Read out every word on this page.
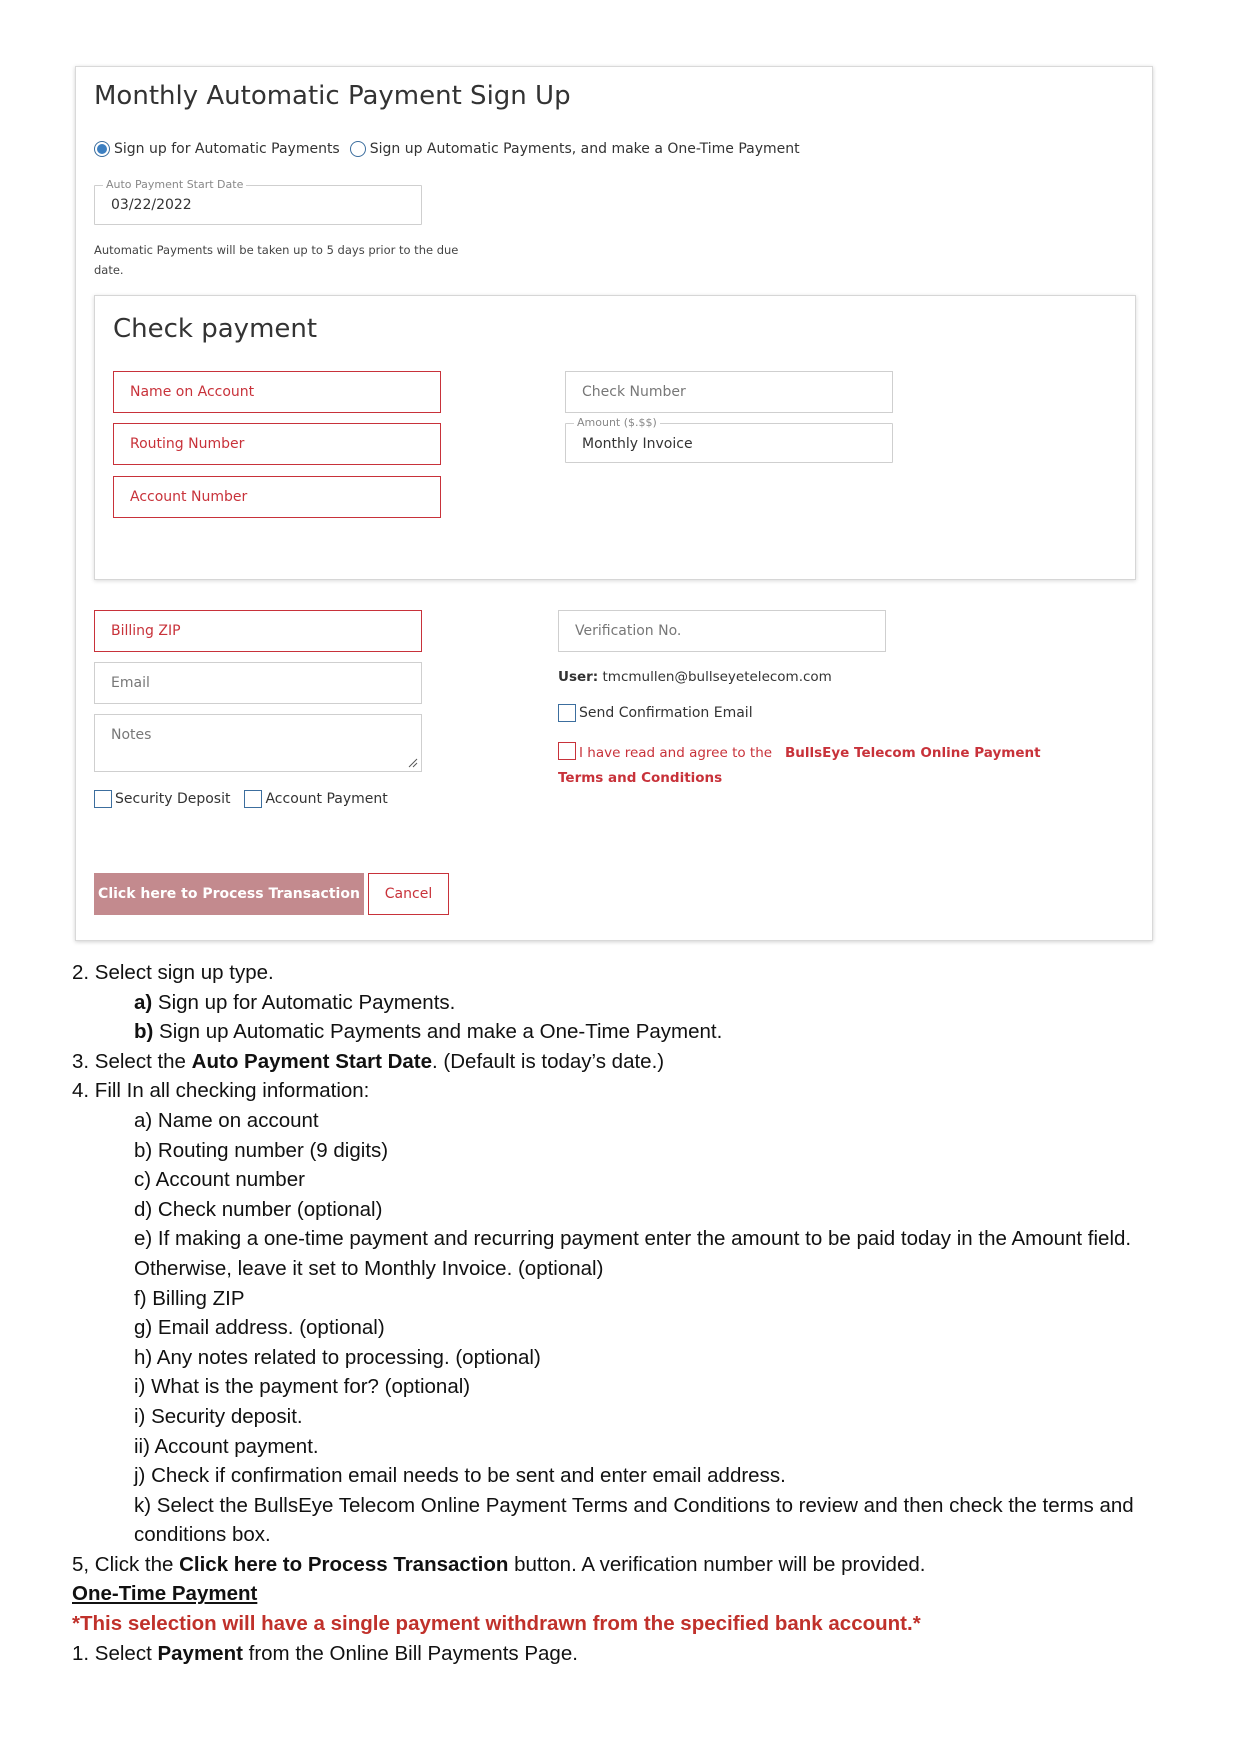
Monthly Automatic Payment Sign Up
Sign up for Automatic Payments Sign up Automatic Payments, and make a One-Time Payment
Auto Payment Start Date
03/22/2022
Automatic Payments will be taken up to 5 days prior to the due date.
Check payment
Name on Account
Routing Number
Account Number
Check Number
Amount ($.$$)
Monthly Invoice
Billing ZIP
Email
Notes
Security Deposit	Account Payment
Verification No.
User: tmcmullen@bullseyetelecom.com
Send Confirmation Email
I have read and agree to the BullsEye Telecom Online Payment Terms and Conditions
Click here to Process Transaction	Cancel

2. Select sign up type.

a) Sign up for Automatic Payments.

b) Sign up Automatic Payments and make a One-Time Payment.

3. Select the Auto Payment Start Date. (Default is today’s date.)

4. Fill In all checking information:

a) Name on account

b) Routing number (9 digits)

c) Account number

d) Check number (optional)

e) If making a one-time payment and recurring payment enter the amount to be paid today in the Amount field. Otherwise, leave it set to Monthly Invoice. (optional)

f) Billing ZIP

g) Email address. (optional)

h) Any notes related to processing. (optional)

i) What is the payment for? (optional)

i) Security deposit.

ii) Account payment.

j) Check if confirmation email needs to be sent and enter email address.

k) Select the BullsEye Telecom Online Payment Terms and Conditions to review and then check the terms and conditions box.

5, Click the Click here to Process Transaction button. A verification number will be provided.

One-Time Payment

*This selection will have a single payment withdrawn from the specified bank account.*

1. Select Payment from the Online Bill Payments Page.
